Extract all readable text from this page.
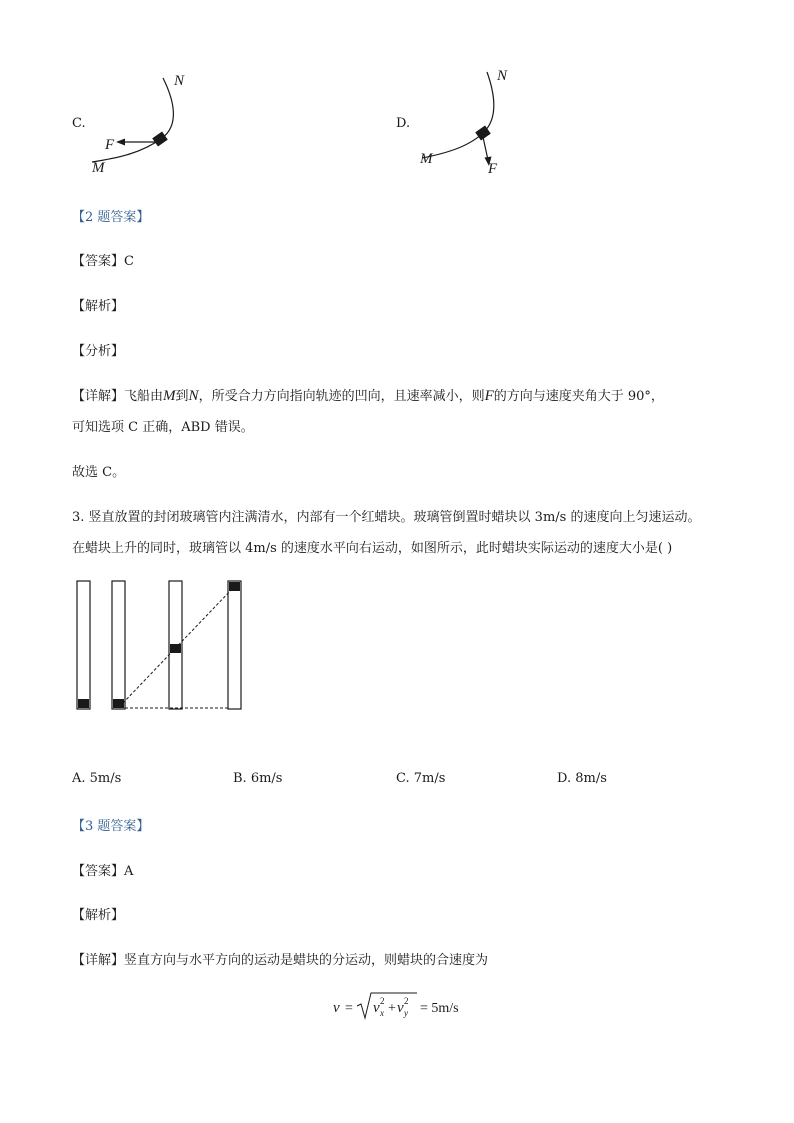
C.
N
F
M
D.
N
M
F
【2 题答案】
【答案】C
【解析】
【分析】
【详解】飞船由M到N，所受合力方向指向轨迹的凹向，且速率减小，则F的方向与速度夹角大于 90°，
可知选项 C 正确，ABD 错误。
故选 C。
3. 竖直放置的封闭玻璃管内注满清水，内部有一个红蜡块。玻璃管倒置时蜡块以 3m/s 的速度向上匀速运动。
在蜡块上升的同时，玻璃管以 4m/s 的速度水平向右运动，如图所示，此时蜡块实际运动的速度大小是( )
A. 5m/s	B. 6m/s	C. 7m/s	D. 8m/s
【3 题答案】
【答案】A
【解析】
【详解】竖直方向与水平方向的运动是蜡块的分运动，则蜡块的合速度为
v = v 2
x + v 2
y = 5m/s
